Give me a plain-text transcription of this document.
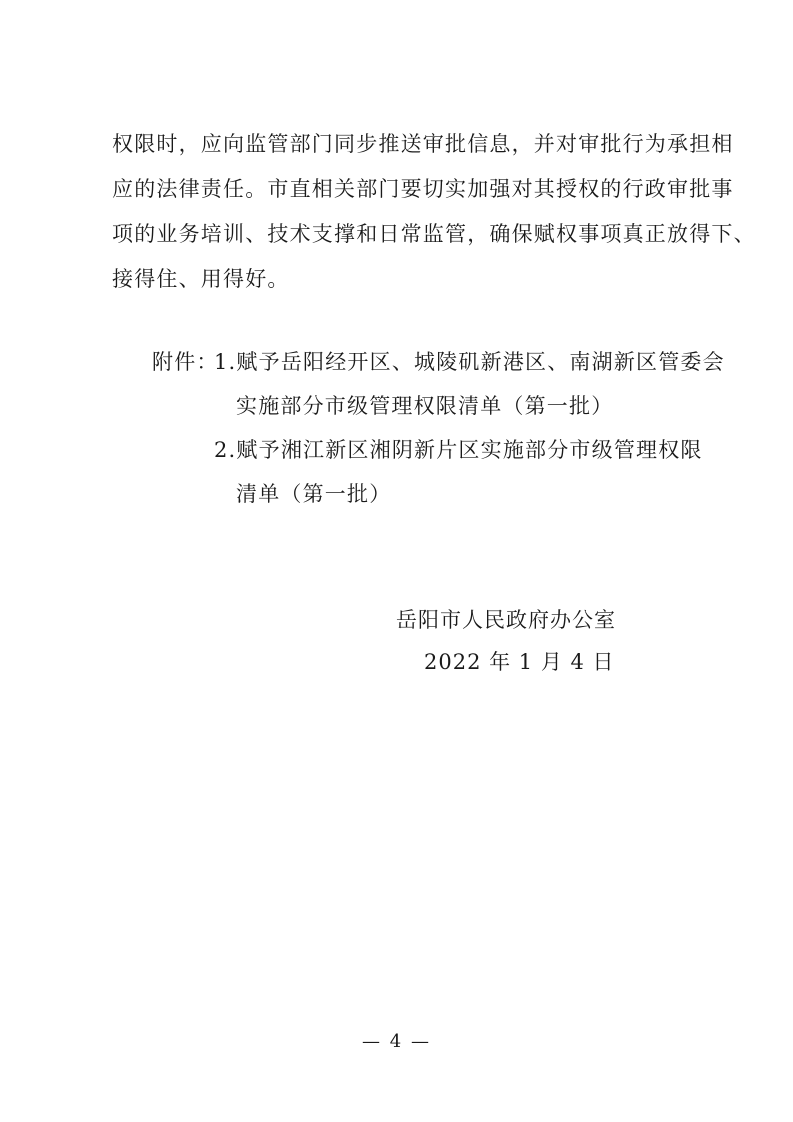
权限时，应向监管部门同步推送审批信息，并对审批行为承担相
应的法律责任。市直相关部门要切实加强对其授权的行政审批事
项的业务培训、技术支撑和日常监管，确保赋权事项真正放得下、
接得住、用得好。
附件：
1.赋予岳阳经开区、城陵矶新港区、南湖新区管委会
实施部分市级管理权限清单（第一批）
2.赋予湘江新区湘阴新片区实施部分市级管理权限
清单（第一批）
岳阳市人民政府办公室
2022 年 1 月 4 日
— 4 —
